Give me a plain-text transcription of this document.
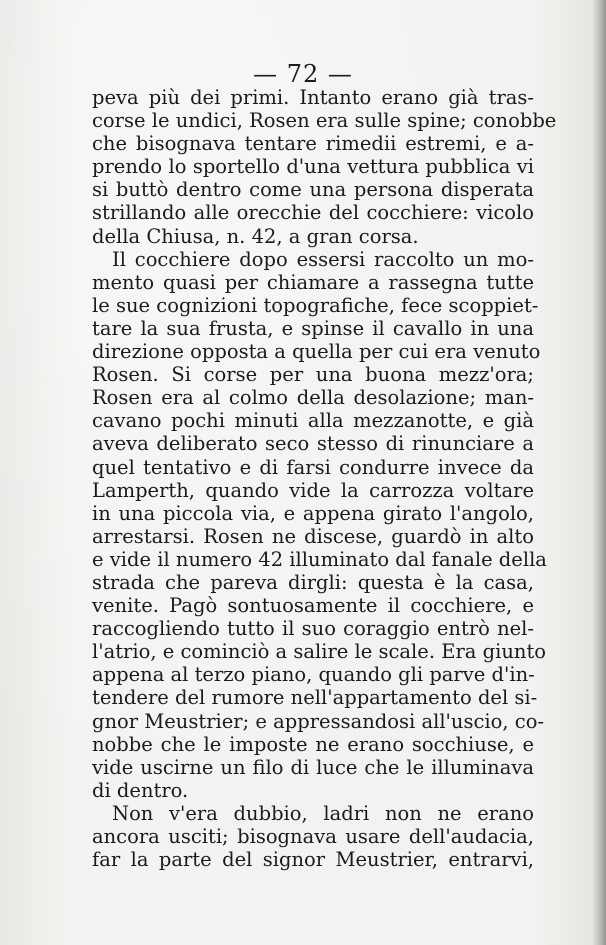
— 72 —
peva più dei primi. Intanto erano già tras-
corse le undici, Rosen era sulle spine; conobbe
che bisognava tentare rimedii estremi, e a-
prendo lo sportello d'una vettura pubblica vi
si buttò dentro come una persona disperata
strillando alle orecchie del cocchiere: vicolo
della Chiusa, n. 42, a gran corsa.
Il cocchiere dopo essersi raccolto un mo-
mento quasi per chiamare a rassegna tutte
le sue cognizioni topografiche, fece scoppiet-
tare la sua frusta, e spinse il cavallo in una
direzione opposta a quella per cui era venuto
Rosen. Si corse per una buona mezz'ora;
Rosen era al colmo della desolazione; man-
cavano pochi minuti alla mezzanotte, e già
aveva deliberato seco stesso di rinunciare a
quel tentativo e di farsi condurre invece da
Lamperth, quando vide la carrozza voltare
in una piccola via, e appena girato l'angolo,
arrestarsi. Rosen ne discese, guardò in alto
e vide il numero 42 illuminato dal fanale della
strada che pareva dirgli: questa è la casa,
venite. Pagò sontuosamente il cocchiere, e
raccogliendo tutto il suo coraggio entrò nel-
l'atrio, e cominciò a salire le scale. Era giunto
appena al terzo piano, quando gli parve d'in-
tendere del rumore nell'appartamento del si-
gnor Meustrier; e appressandosi all'uscio, co-
nobbe che le imposte ne erano socchiuse, e
vide uscirne un filo di luce che le illuminava
di dentro.
Non v'era dubbio, ladri non ne erano
ancora usciti; bisognava usare dell'audacia,
far la parte del signor Meustrier, entrarvi,
